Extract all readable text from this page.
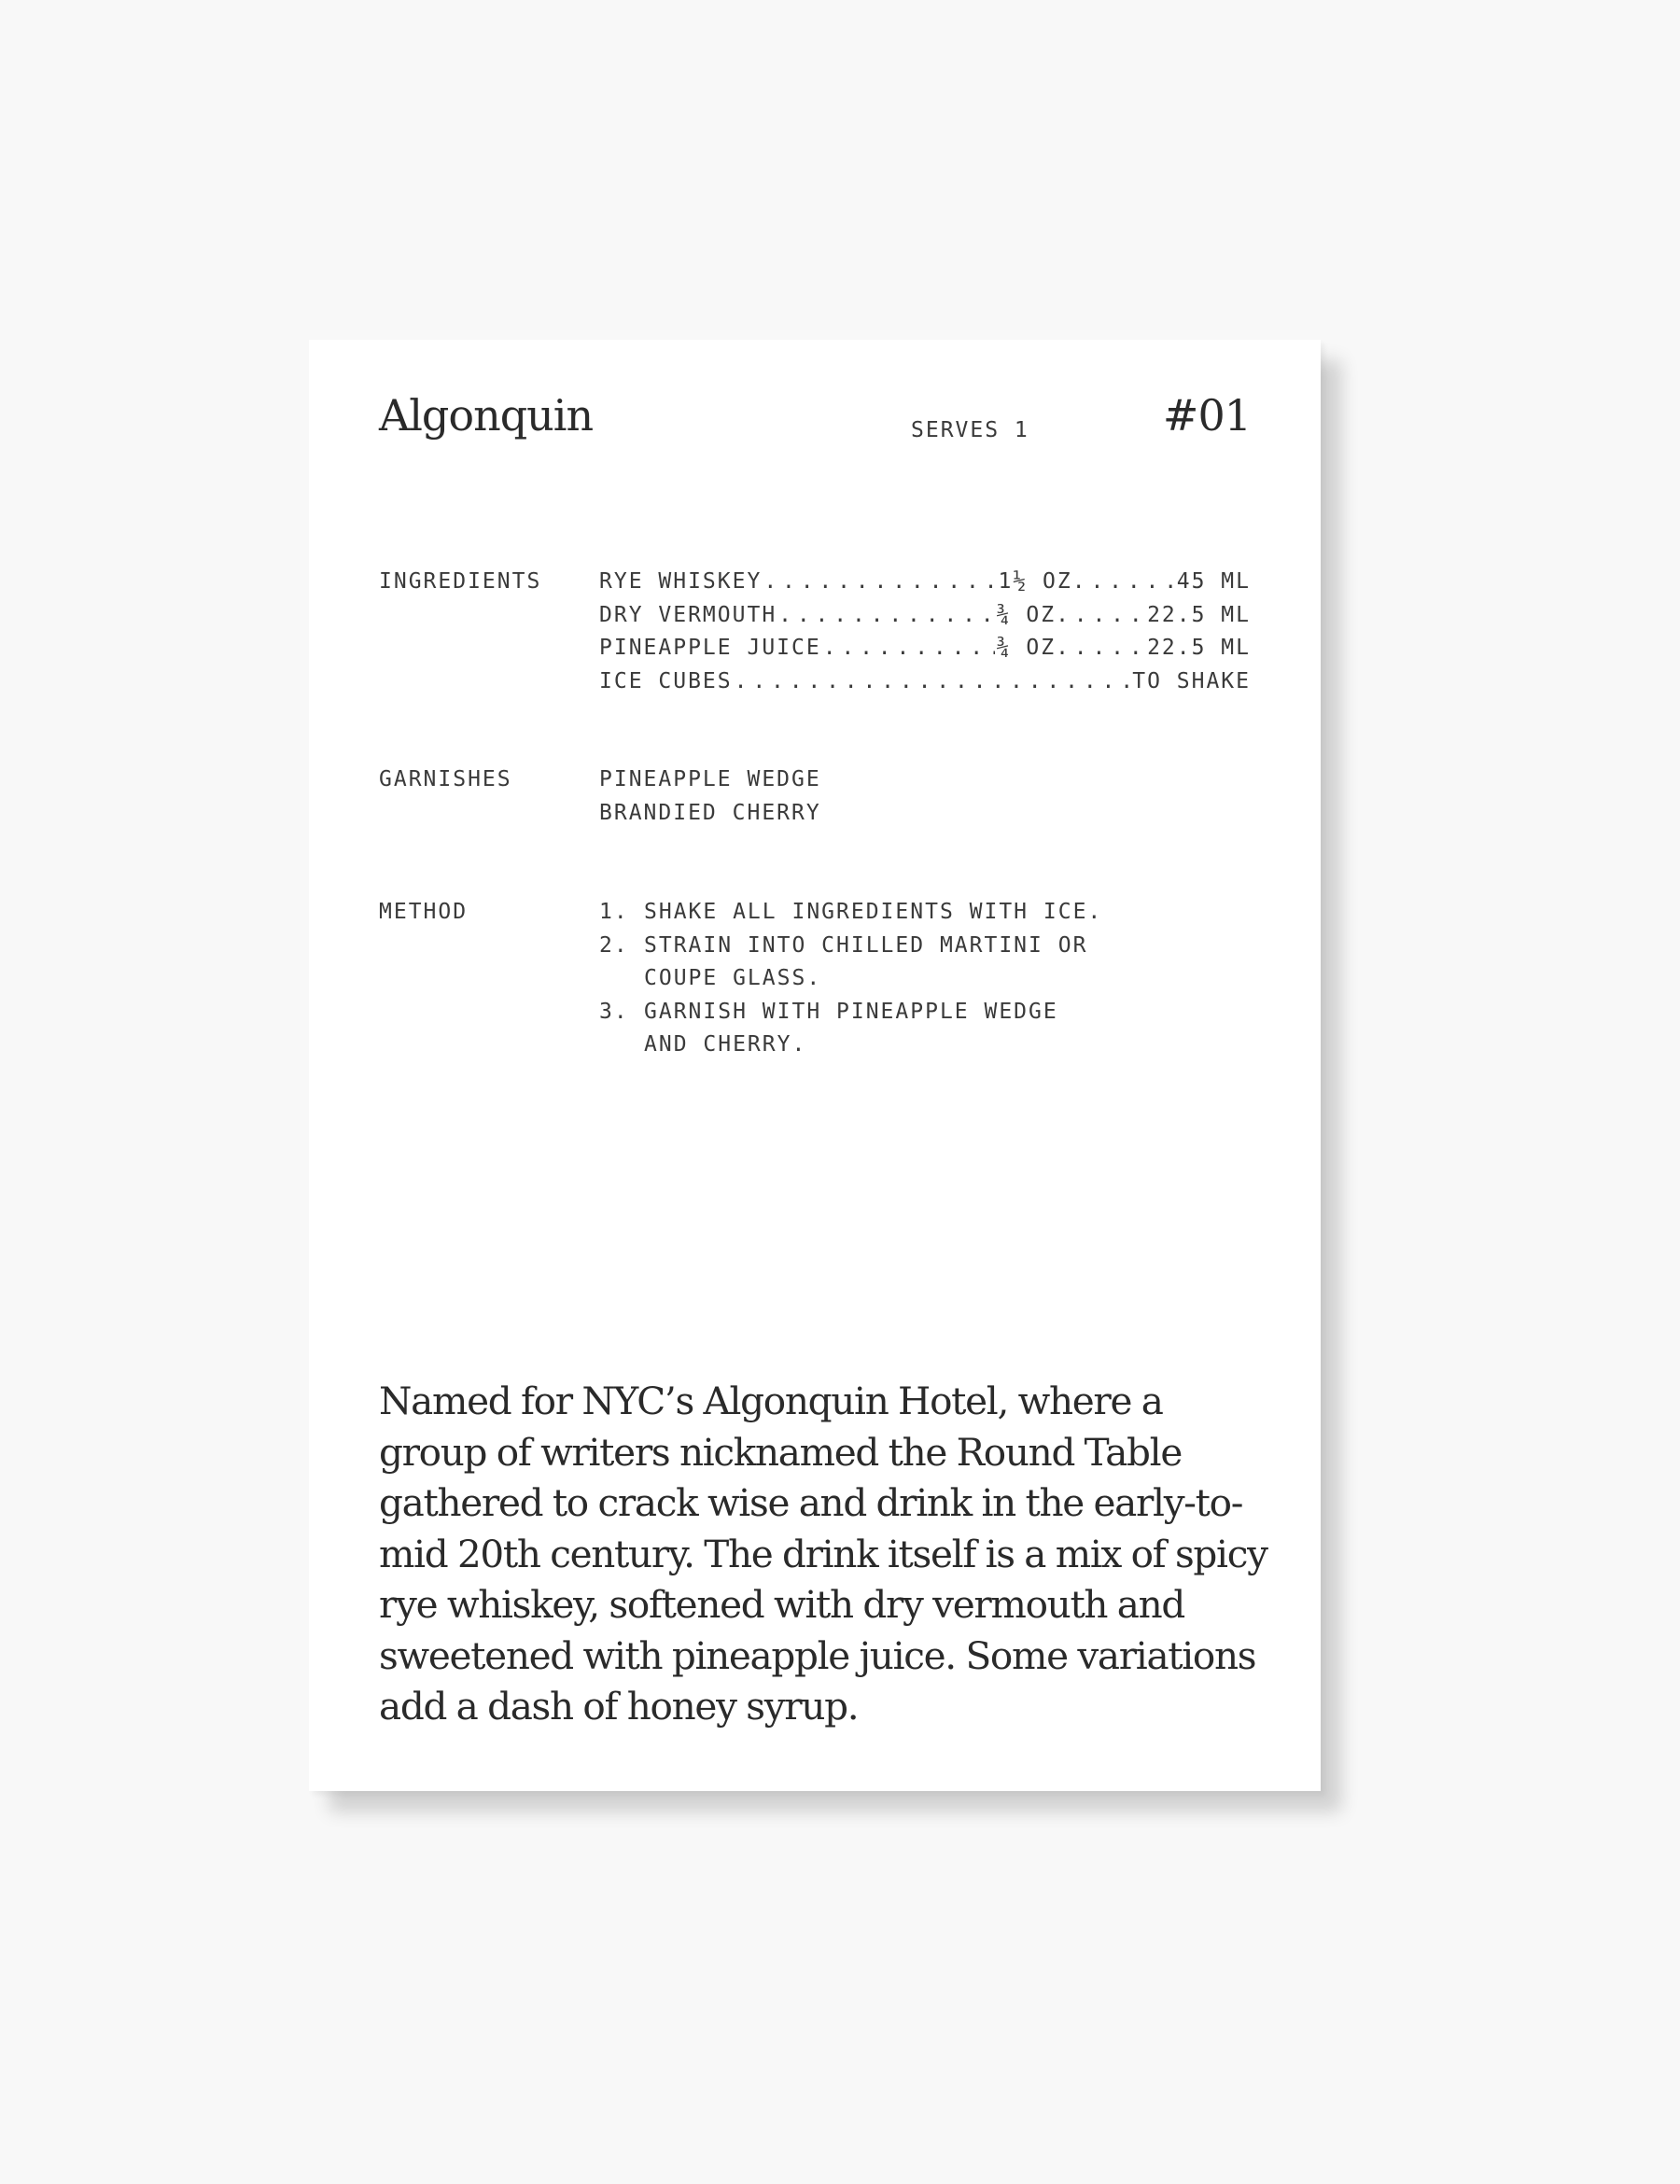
Algonquin	SERVES 1	#01
INGREDIENTS	RYE WHISKEY . . .	1½ OZ . . .	45 ML
DRY VERMOUTH . . .	¾ OZ . . .	22.5 ML
PINEAPPLE JUICE . . .	¾ OZ . . .	22.5 ML
ICE CUBES . . .	TO SHAKE
GARNISHES	PINEAPPLE WEDGE
BRANDIED CHERRY
METHOD	1. SHAKE ALL INGREDIENTS WITH ICE.
2. STRAIN INTO CHILLED MARTINI OR COUPE GLASS.
3. GARNISH WITH PINEAPPLE WEDGE AND CHERRY.
Named for NYC’s Algonquin Hotel, where a group of writers nicknamed the Round Table gathered to crack wise and drink in the early-to-mid 20th century. The drink itself is a mix of spicy rye whiskey, softened with dry vermouth and sweetened with pineapple juice. Some variations add a dash of honey syrup.
